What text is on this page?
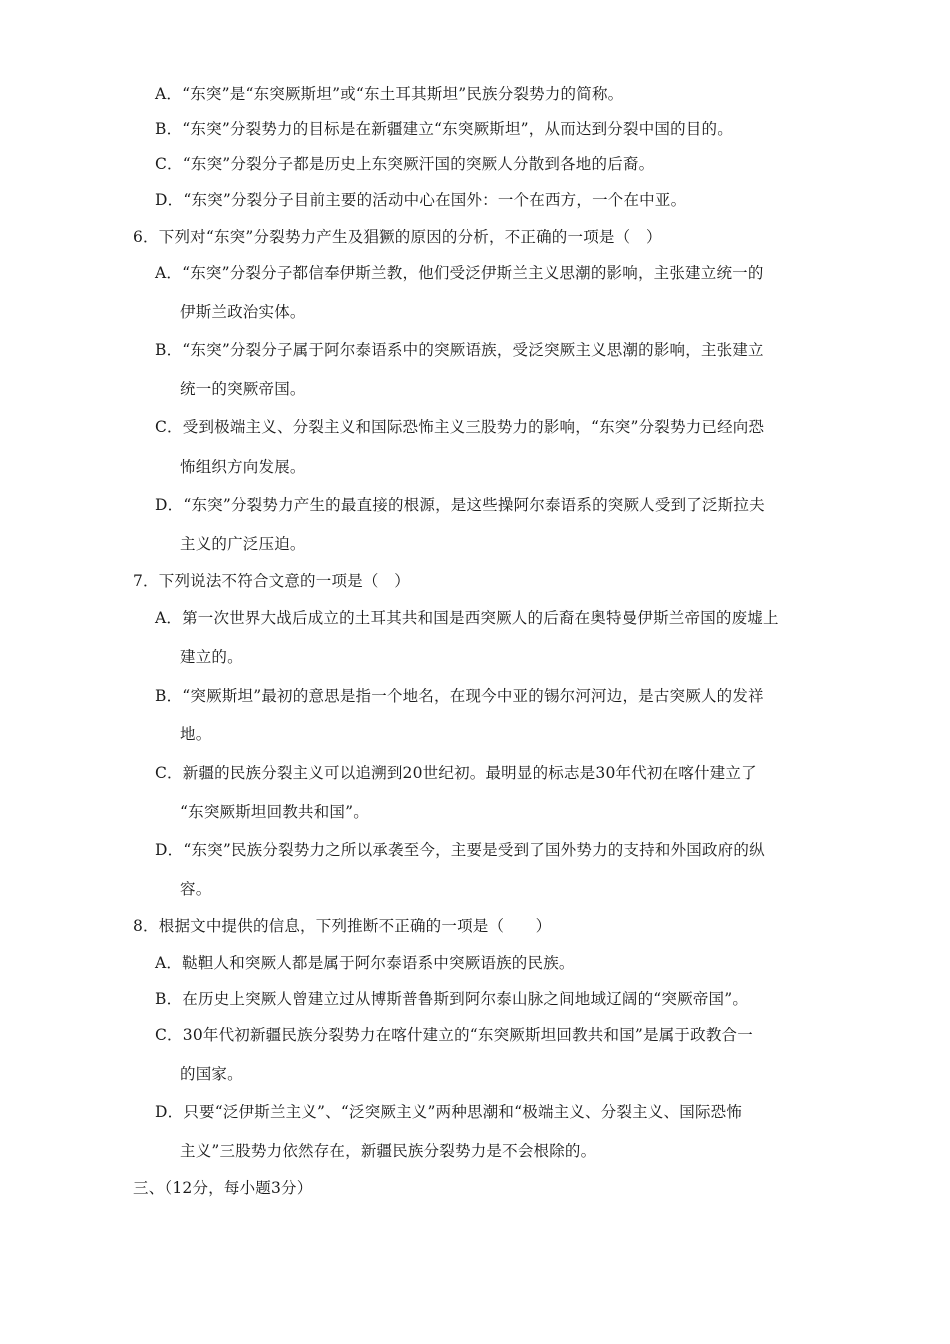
A．“东突”是“东突厥斯坦”或“东土耳其斯坦”民族分裂势力的简称。
B．“东突”分裂势力的目标是在新疆建立“东突厥斯坦”，从而达到分裂中国的目的。
C．“东突”分裂分子都是历史上东突厥汗国的突厥人分散到各地的后裔。
D．“东突”分裂分子目前主要的活动中心在国外：一个在西方，一个在中亚。
6．下列对“东突”分裂势力产生及猖獗的原因的分析，不正确的一项是（　）
A．“东突”分裂分子都信奉伊斯兰教，他们受泛伊斯兰主义思潮的影响，主张建立统一的
伊斯兰政治实体。
B．“东突”分裂分子属于阿尔泰语系中的突厥语族，受泛突厥主义思潮的影响，主张建立
统一的突厥帝国。
C．受到极端主义、分裂主义和国际恐怖主义三股势力的影响，“东突”分裂势力已经向恐
怖组织方向发展。
D．“东突”分裂势力产生的最直接的根源，是这些操阿尔泰语系的突厥人受到了泛斯拉夫
主义的广泛压迫。
7．下列说法不符合文意的一项是（　）
A．第一次世界大战后成立的土耳其共和国是西突厥人的后裔在奥特曼伊斯兰帝国的废墟上
建立的。
B．“突厥斯坦”最初的意思是指一个地名，在现今中亚的锡尔河河边，是古突厥人的发祥
地。
C．新疆的民族分裂主义可以追溯到20世纪初。最明显的标志是30年代初在喀什建立了
“东突厥斯坦回教共和国”。
D．“东突”民族分裂势力之所以承袭至今，主要是受到了国外势力的支持和外国政府的纵
容。
8．根据文中提供的信息，下列推断不正确的一项是（　　）
A．鞑靼人和突厥人都是属于阿尔泰语系中突厥语族的民族。
B．在历史上突厥人曾建立过从博斯普鲁斯到阿尔泰山脉之间地域辽阔的“突厥帝国”。
C．30年代初新疆民族分裂势力在喀什建立的“东突厥斯坦回教共和国”是属于政教合一
的国家。
D．只要“泛伊斯兰主义”、“泛突厥主义”两种思潮和“极端主义、分裂主义、国际恐怖
主义”三股势力依然存在，新疆民族分裂势力是不会根除的。
三、（12分，每小题3分）
